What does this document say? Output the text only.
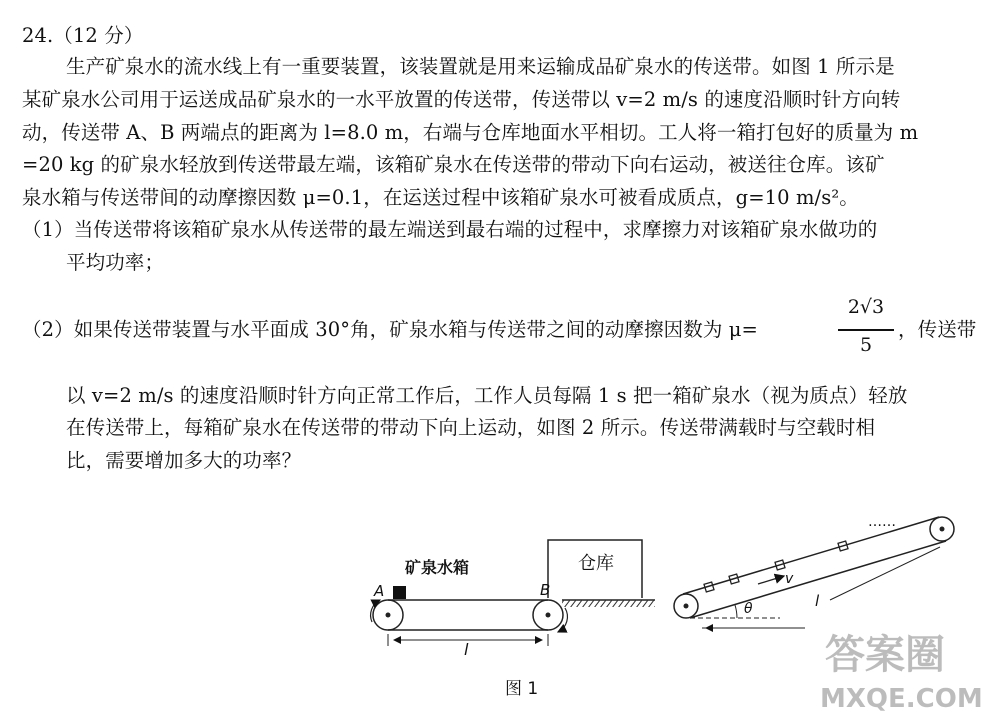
24.（12 分）
生产矿泉水的流水线上有一重要装置，该装置就是用来运输成品矿泉水的传送带。如图 1 所示是
某矿泉水公司用于运送成品矿泉水的一水平放置的传送带，传送带以 v=2 m/s 的速度沿顺时针方向转
动，传送带 A、B 两端点的距离为 l=8.0 m，右端与仓库地面水平相切。工人将一箱打包好的质量为 m
=20 kg 的矿泉水轻放到传送带最左端，该箱矿泉水在传送带的带动下向右运动，被送往仓库。该矿
泉水箱与传送带间的动摩擦因数 μ=0.1，在运送过程中该箱矿泉水可被看成质点，g=10 m/s²。
（1）当传送带将该箱矿泉水从传送带的最左端送到最右端的过程中，求摩擦力对该箱矿泉水做功的
平均功率；
（2）如果传送带装置与水平面成 30°角，矿泉水箱与传送带之间的动摩擦因数为 μ=
2√3
5
，传送带
以 v=2 m/s 的速度沿顺时针方向正常工作后，工作人员每隔 1 s 把一箱矿泉水（视为质点）轻放
在传送带上，每箱矿泉水在传送带的带动下向上运动，如图 2 所示。传送带满载时与空载时相
比，需要增加多大的功率？
仓库
矿泉水箱
A	B
l
图 1
……
v
θ	l
答案圈
MXQE.COM
